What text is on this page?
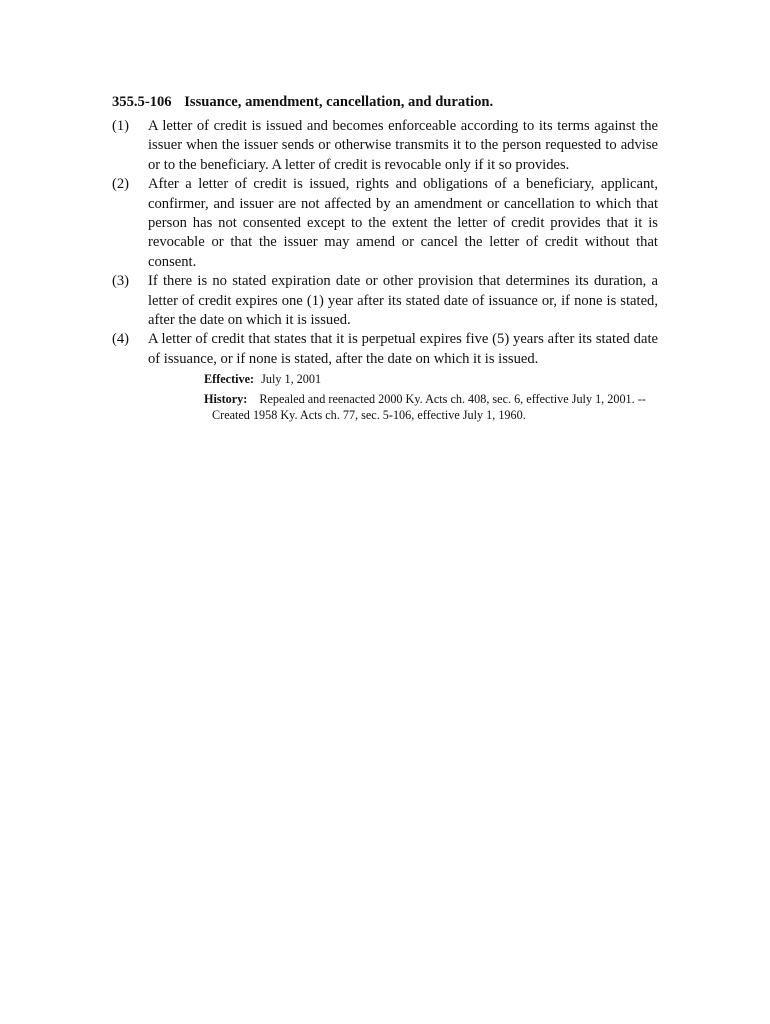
355.5-106 Issuance, amendment, cancellation, and duration.
(1)	A letter of credit is issued and becomes enforceable according to its terms against the issuer when the issuer sends or otherwise transmits it to the person requested to advise or to the beneficiary. A letter of credit is revocable only if it so provides.
(2)	After a letter of credit is issued, rights and obligations of a beneficiary, applicant, confirmer, and issuer are not affected by an amendment or cancellation to which that person has not consented except to the extent the letter of credit provides that it is revocable or that the issuer may amend or cancel the letter of credit without that consent.
(3)	If there is no stated expiration date or other provision that determines its duration, a letter of credit expires one (1) year after its stated date of issuance or, if none is stated, after the date on which it is issued.
(4)	A letter of credit that states that it is perpetual expires five (5) years after its stated date of issuance, or if none is stated, after the date on which it is issued.
Effective: July 1, 2001
History: Repealed and reenacted 2000 Ky. Acts ch. 408, sec. 6, effective July 1, 2001. -- Created 1958 Ky. Acts ch. 77, sec. 5-106, effective July 1, 1960.
